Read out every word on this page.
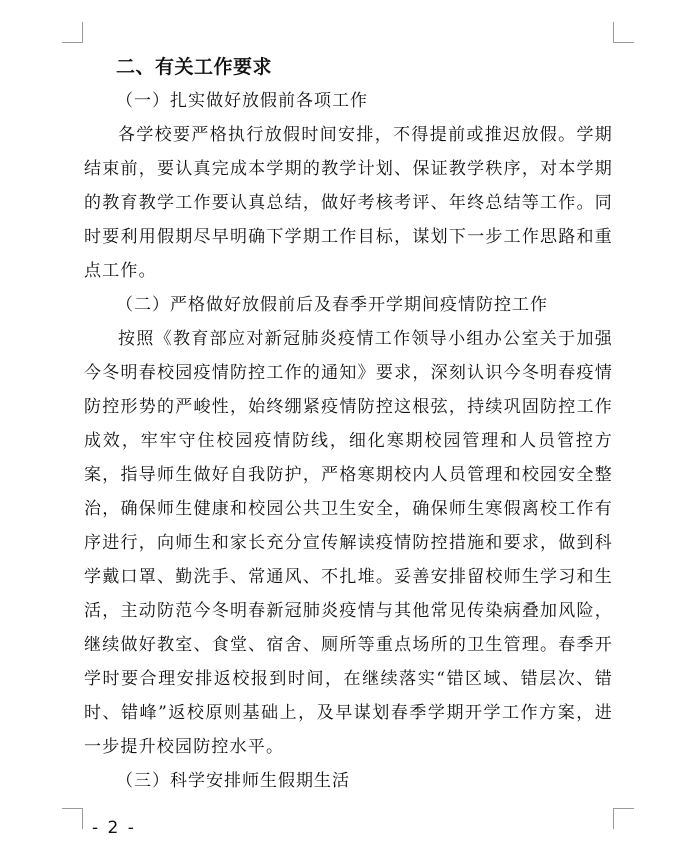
二、有关工作要求

（一）扎实做好放假前各项工作

各学校要严格执行放假时间安排，不得提前或推迟放假。学期结束前，要认真完成本学期的教学计划、保证教学秩序，对本学期的教育教学工作要认真总结，做好考核考评、年终总结等工作。同时要利用假期尽早明确下学期工作目标，谋划下一步工作思路和重点工作。

（二）严格做好放假前后及春季开学期间疫情防控工作

按照《教育部应对新冠肺炎疫情工作领导小组办公室关于加强今冬明春校园疫情防控工作的通知》要求，深刻认识今冬明春疫情防控形势的严峻性，始终绷紧疫情防控这根弦，持续巩固防控工作成效，牢牢守住校园疫情防线，细化寒期校园管理和人员管控方案，指导师生做好自我防护，严格寒期校内人员管理和校园安全整治，确保师生健康和校园公共卫生安全，确保师生寒假离校工作有序进行，向师生和家长充分宣传解读疫情防控措施和要求，做到科学戴口罩、勤洗手、常通风、不扎堆。妥善安排留校师生学习和生活，主动防范今冬明春新冠肺炎疫情与其他常见传染病叠加风险，继续做好教室、食堂、宿舍、厕所等重点场所的卫生管理。春季开学时要合理安排返校报到时间，在继续落实“错区域、错层次、错时、错峰”返校原则基础上，及早谋划春季学期开学工作方案，进一步提升校园防控水平。

（三）科学安排师生假期生活

- 2 -
